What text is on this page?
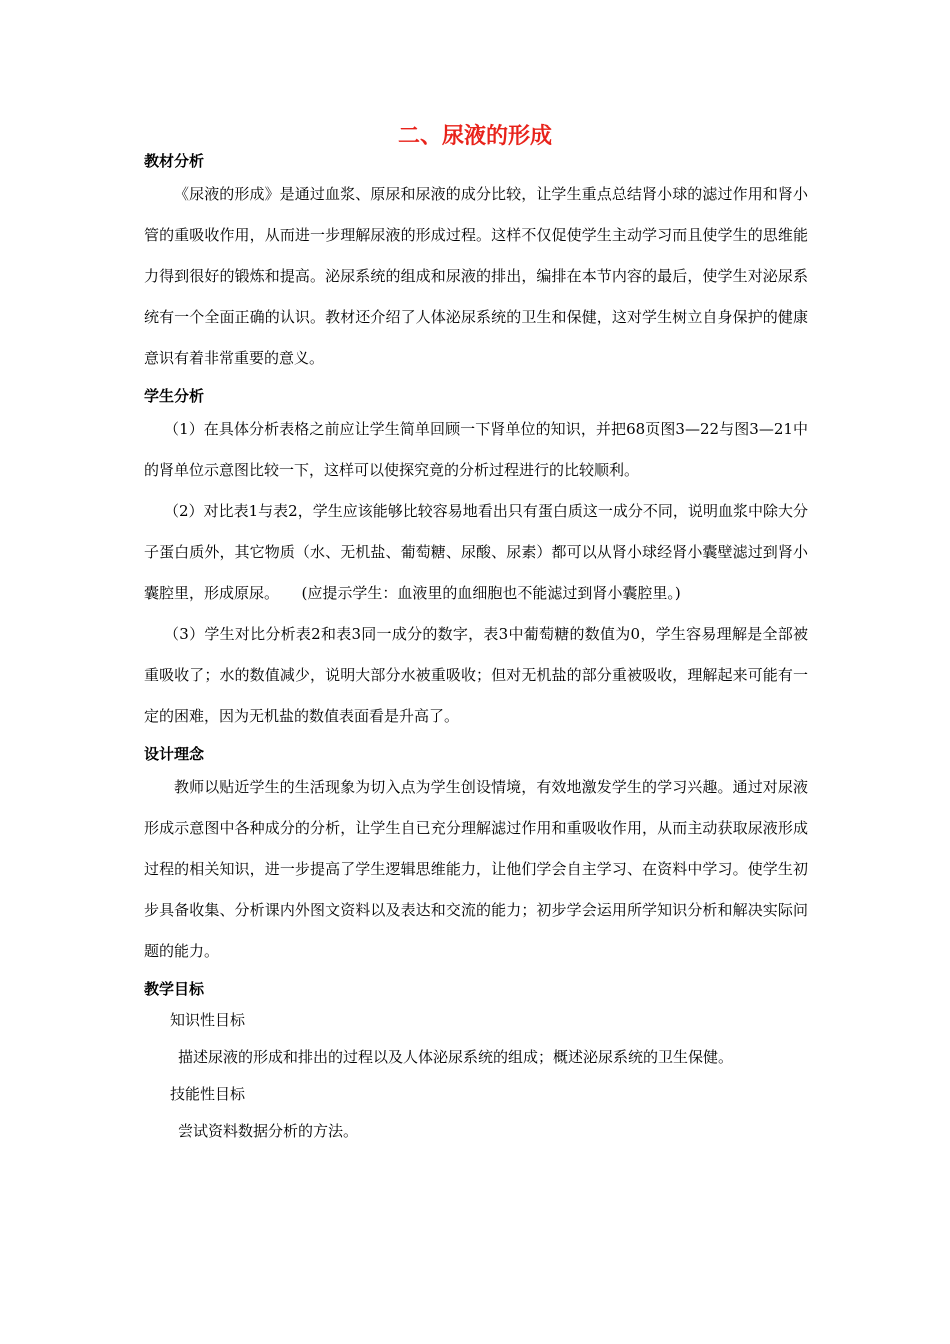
二、尿液的形成

教材分析

《尿液的形成》是通过血浆、原尿和尿液的成分比较，让学生重点总结肾小球的滤过作用和肾小管的重吸收作用，从而进一步理解尿液的形成过程。这样不仅促使学生主动学习而且使学生的思维能力得到很好的锻炼和提高。泌尿系统的组成和尿液的排出，编排在本节内容的最后，使学生对泌尿系统有一个全面正确的认识。教材还介绍了人体泌尿系统的卫生和保健，这对学生树立自身保护的健康意识有着非常重要的意义。

学生分析

（1）在具体分析表格之前应让学生简单回顾一下肾单位的知识，并把68页图3—22与图3—21中的肾单位示意图比较一下，这样可以使探究竟的分析过程进行的比较顺利。

（2）对比表1与表2，学生应该能够比较容易地看出只有蛋白质这一成分不同，说明血浆中除大分子蛋白质外，其它物质（水、无机盐、葡萄糖、尿酸、尿素）都可以从肾小球经肾小囊壁滤过到肾小囊腔里，形成原尿。　　(应提示学生：血液里的血细胞也不能滤过到肾小囊腔里。)

（3）学生对比分析表2和表3同一成分的数字，表3中葡萄糖的数值为0，学生容易理解是全部被重吸收了；水的数值减少，说明大部分水被重吸收；但对无机盐的部分重被吸收，理解起来可能有一定的困难，因为无机盐的数值表面看是升高了。

设计理念

教师以贴近学生的生活现象为切入点为学生创设情境，有效地激发学生的学习兴趣。通过对尿液形成示意图中各种成分的分析，让学生自已充分理解滤过作用和重吸收作用，从而主动获取尿液形成过程的相关知识，进一步提高了学生逻辑思维能力，让他们学会自主学习、在资料中学习。使学生初步具备收集、分析课内外图文资料以及表达和交流的能力；初步学会运用所学知识分析和解决实际问题的能力。

教学目标

知识性目标

描述尿液的形成和排出的过程以及人体泌尿系统的组成；概述泌尿系统的卫生保健。

技能性目标

尝试资料数据分析的方法。
